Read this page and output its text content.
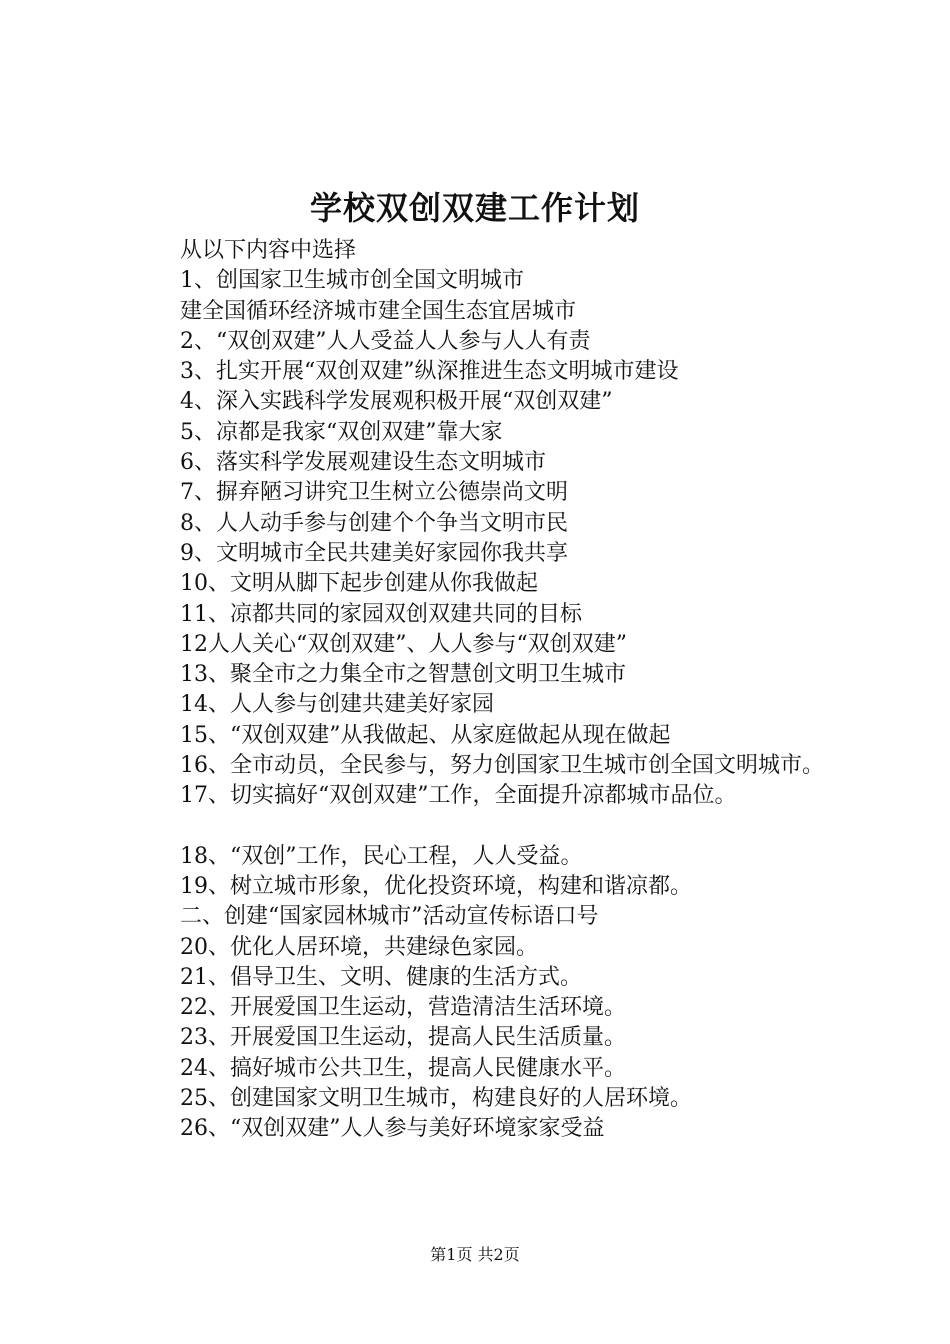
学校双创双建工作计划
从以下内容中选择
1、创国家卫生城市创全国文明城市
建全国循环经济城市建全国生态宜居城市
2、“双创双建”人人受益人人参与人人有责
3、扎实开展“双创双建”纵深推进生态文明城市建设
4、深入实践科学发展观积极开展“双创双建”
5、凉都是我家“双创双建”靠大家
6、落实科学发展观建设生态文明城市
7、摒弃陋习讲究卫生树立公德崇尚文明
8、人人动手参与创建个个争当文明市民
9、文明城市全民共建美好家园你我共享
10、文明从脚下起步创建从你我做起
11、凉都共同的家园双创双建共同的目标
12人人关心“双创双建”、人人参与“双创双建”
13、聚全市之力集全市之智慧创文明卫生城市
14、人人参与创建共建美好家园
15、“双创双建”从我做起、从家庭做起从现在做起
16、全市动员，全民参与，努力创国家卫生城市创全国文明城市。
17、切实搞好“双创双建”工作，全面提升凉都城市品位。
18、“双创”工作，民心工程，人人受益。
19、树立城市形象，优化投资环境，构建和谐凉都。
二、创建“国家园林城市”活动宣传标语口号
20、优化人居环境，共建绿色家园。
21、倡导卫生、文明、健康的生活方式。
22、开展爱国卫生运动，营造清洁生活环境。
23、开展爱国卫生运动，提高人民生活质量。
24、搞好城市公共卫生，提高人民健康水平。
25、创建国家文明卫生城市，构建良好的人居环境。
26、“双创双建”人人参与美好环境家家受益
第1页 共2页
